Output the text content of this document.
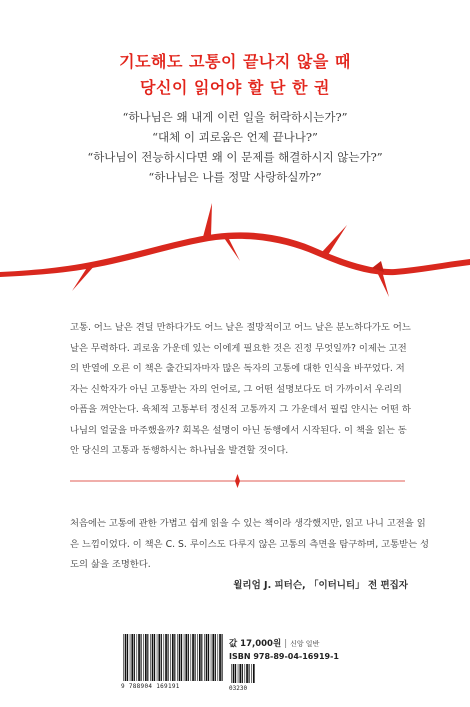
기도해도 고통이 끝나지 않을 때
당신이 읽어야 할 단 한 권
“하나님은 왜 내게 이런 일을 허락하시는가?”
“대체 이 괴로움은 언제 끝나나?”
“하나님이 전능하시다면 왜 이 문제를 해결하시지 않는가?”
“하나님은 나를 정말 사랑하실까?”
고통. 어느 날은 견딜 만하다가도 어느 날은 절망적이고 어느 날은 분노하다가도 어느
날은 무력하다. 괴로움 가운데 있는 이에게 필요한 것은 진정 무엇일까? 이제는 고전
의 반열에 오른 이 책은 출간되자마자 많은 독자의 고통에 대한 인식을 바꾸었다. 저
자는 신학자가 아닌 고통받는 자의 언어로, 그 어떤 설명보다도 더 가까이서 우리의
아픔을 껴안는다. 육체적 고통부터 정신적 고통까지 그 가운데서 필립 얀시는 어떤 하
나님의 얼굴을 마주했을까? 회복은 설명이 아닌 동행에서 시작된다. 이 책을 읽는 동
안 당신의 고통과 동행하시는 하나님을 발견할 것이다.
처음에는 고통에 관한 가볍고 쉽게 읽을 수 있는 책이라 생각했지만, 읽고 나니 고전을 읽
은 느낌이었다. 이 책은 C. S. 루이스도 다루지 않은 고통의 측면을 탐구하며, 고통받는 성
도의 삶을 조명한다.
윌리엄 J. 피터슨, 「이터니티」 전 편집자
9 788904 169191
값 17,000원 | 신앙 일반
ISBN 978-89-04-16919-1
03230
